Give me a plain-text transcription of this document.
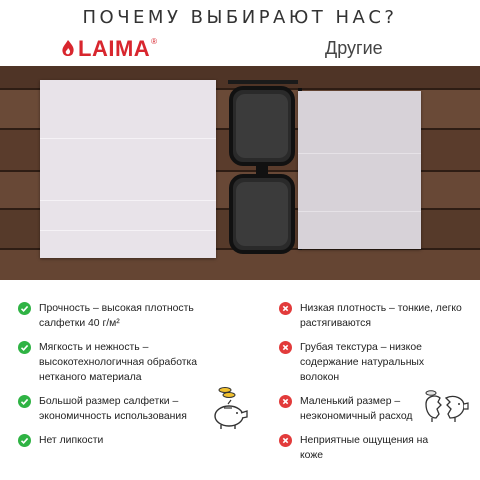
ПОЧЕМУ ВЫБИРАЮТ НАС?
LAIMA ®	Другие
Прочность – высокая плотность салфетки 40 г/м²
Мягкость и нежность – высокотехнологичная обработка нетканого материала
Большой размер салфетки – экономичность использования
Нет липкости
Низкая плотность – тонкие, легко растягиваются
Грубая текстура – низкое содержание натуральных волокон
Маленький размер – неэкономичный расход
Неприятные ощущения на коже
